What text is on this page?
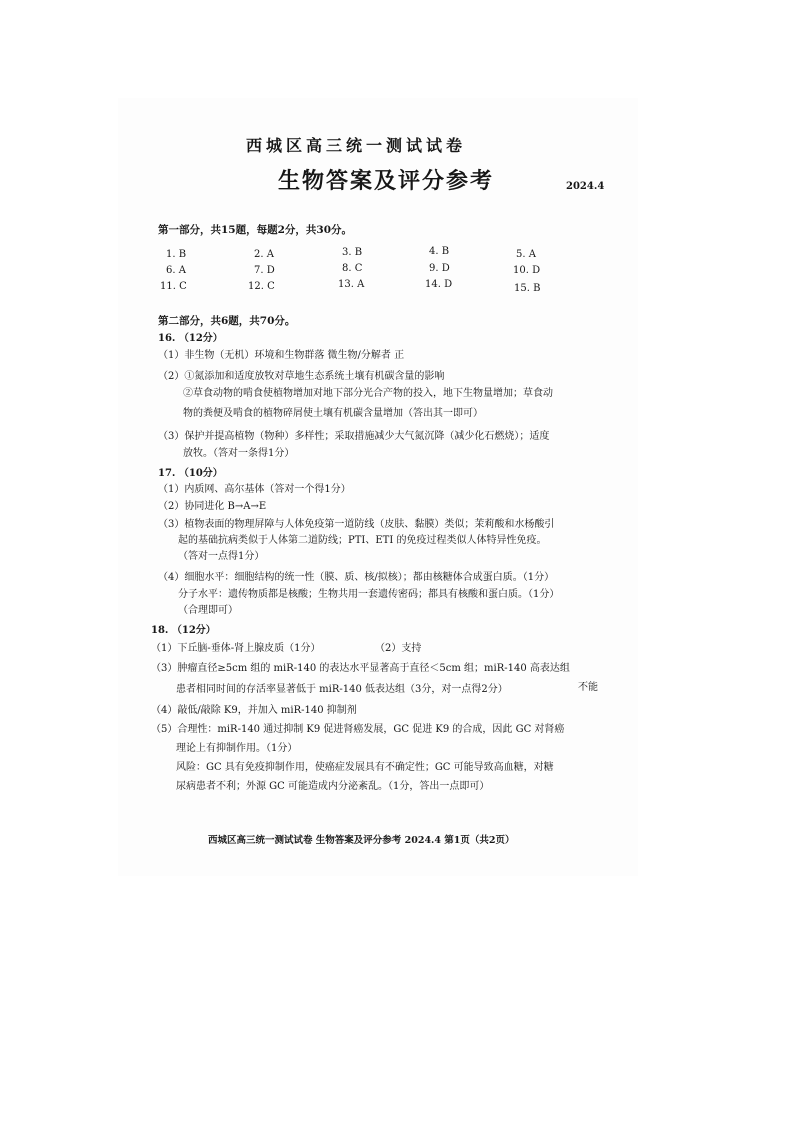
西城区高三统一测试试卷
生物答案及评分参考	2024.4
第一部分，共15题，每题2分，共30分。
1. B	2. A	3. B	4. B	5. A
6. A	7. D	8. C	9. D	10. D
11. C	12. C	13. A	14. D	15. B
第二部分，共6题，共70分。
16. （12分）
（1）非生物（无机）环境和生物群落 微生物/分解者 正
（2）①氮添加和适度放牧对草地生态系统土壤有机碳含量的影响
②草食动物的啃食使植物增加对地下部分光合产物的投入，地下生物量增加；草食动
物的粪便及啃食的植物碎屑使土壤有机碳含量增加（答出其一即可）
（3）保护并提高植物（物种）多样性；采取措施减少大气氮沉降（减少化石燃烧）；适度
放牧。（答对一条得1分）
17. （10分）
（1）内质网、高尔基体（答对一个得1分）
（2）协同进化 B→A→E
（3）植物表面的物理屏障与人体免疫第一道防线（皮肤、黏膜）类似；茉莉酸和水杨酸引
起的基础抗病类似于人体第二道防线；PTI、ETI 的免疫过程类似人体特异性免疫。
（答对一点得1分）
（4）细胞水平：细胞结构的统一性（膜、质、核/拟核）；都由核糖体合成蛋白质。（1分）
分子水平：遗传物质都是核酸；生物共用一套遗传密码；都具有核酸和蛋白质。（1分）
（合理即可）
18. （12分）
（1）下丘脑-垂体-肾上腺皮质（1分）	（2）支持
（3）肿瘤直径≥5cm 组的 miR-140 的表达水平显著高于直径＜5cm 组；miR-140 高表达组
患者相同时间的存活率显著低于 miR-140 低表达组（3分，对一点得2分）	不能
（4）敲低/敲除 K9，并加入 miR-140 抑制剂
（5）合理性：miR-140 通过抑制 K9 促进肾癌发展，GC 促进 K9 的合成，因此 GC 对肾癌
理论上有抑制作用。（1分）
风险：GC 具有免疫抑制作用，使癌症发展具有不确定性；GC 可能导致高血糖，对糖
尿病患者不利；外源 GC 可能造成内分泌紊乱。（1分，答出一点即可）
西城区高三统一测试试卷 生物答案及评分参考 2024.4 第1页（共2页）
